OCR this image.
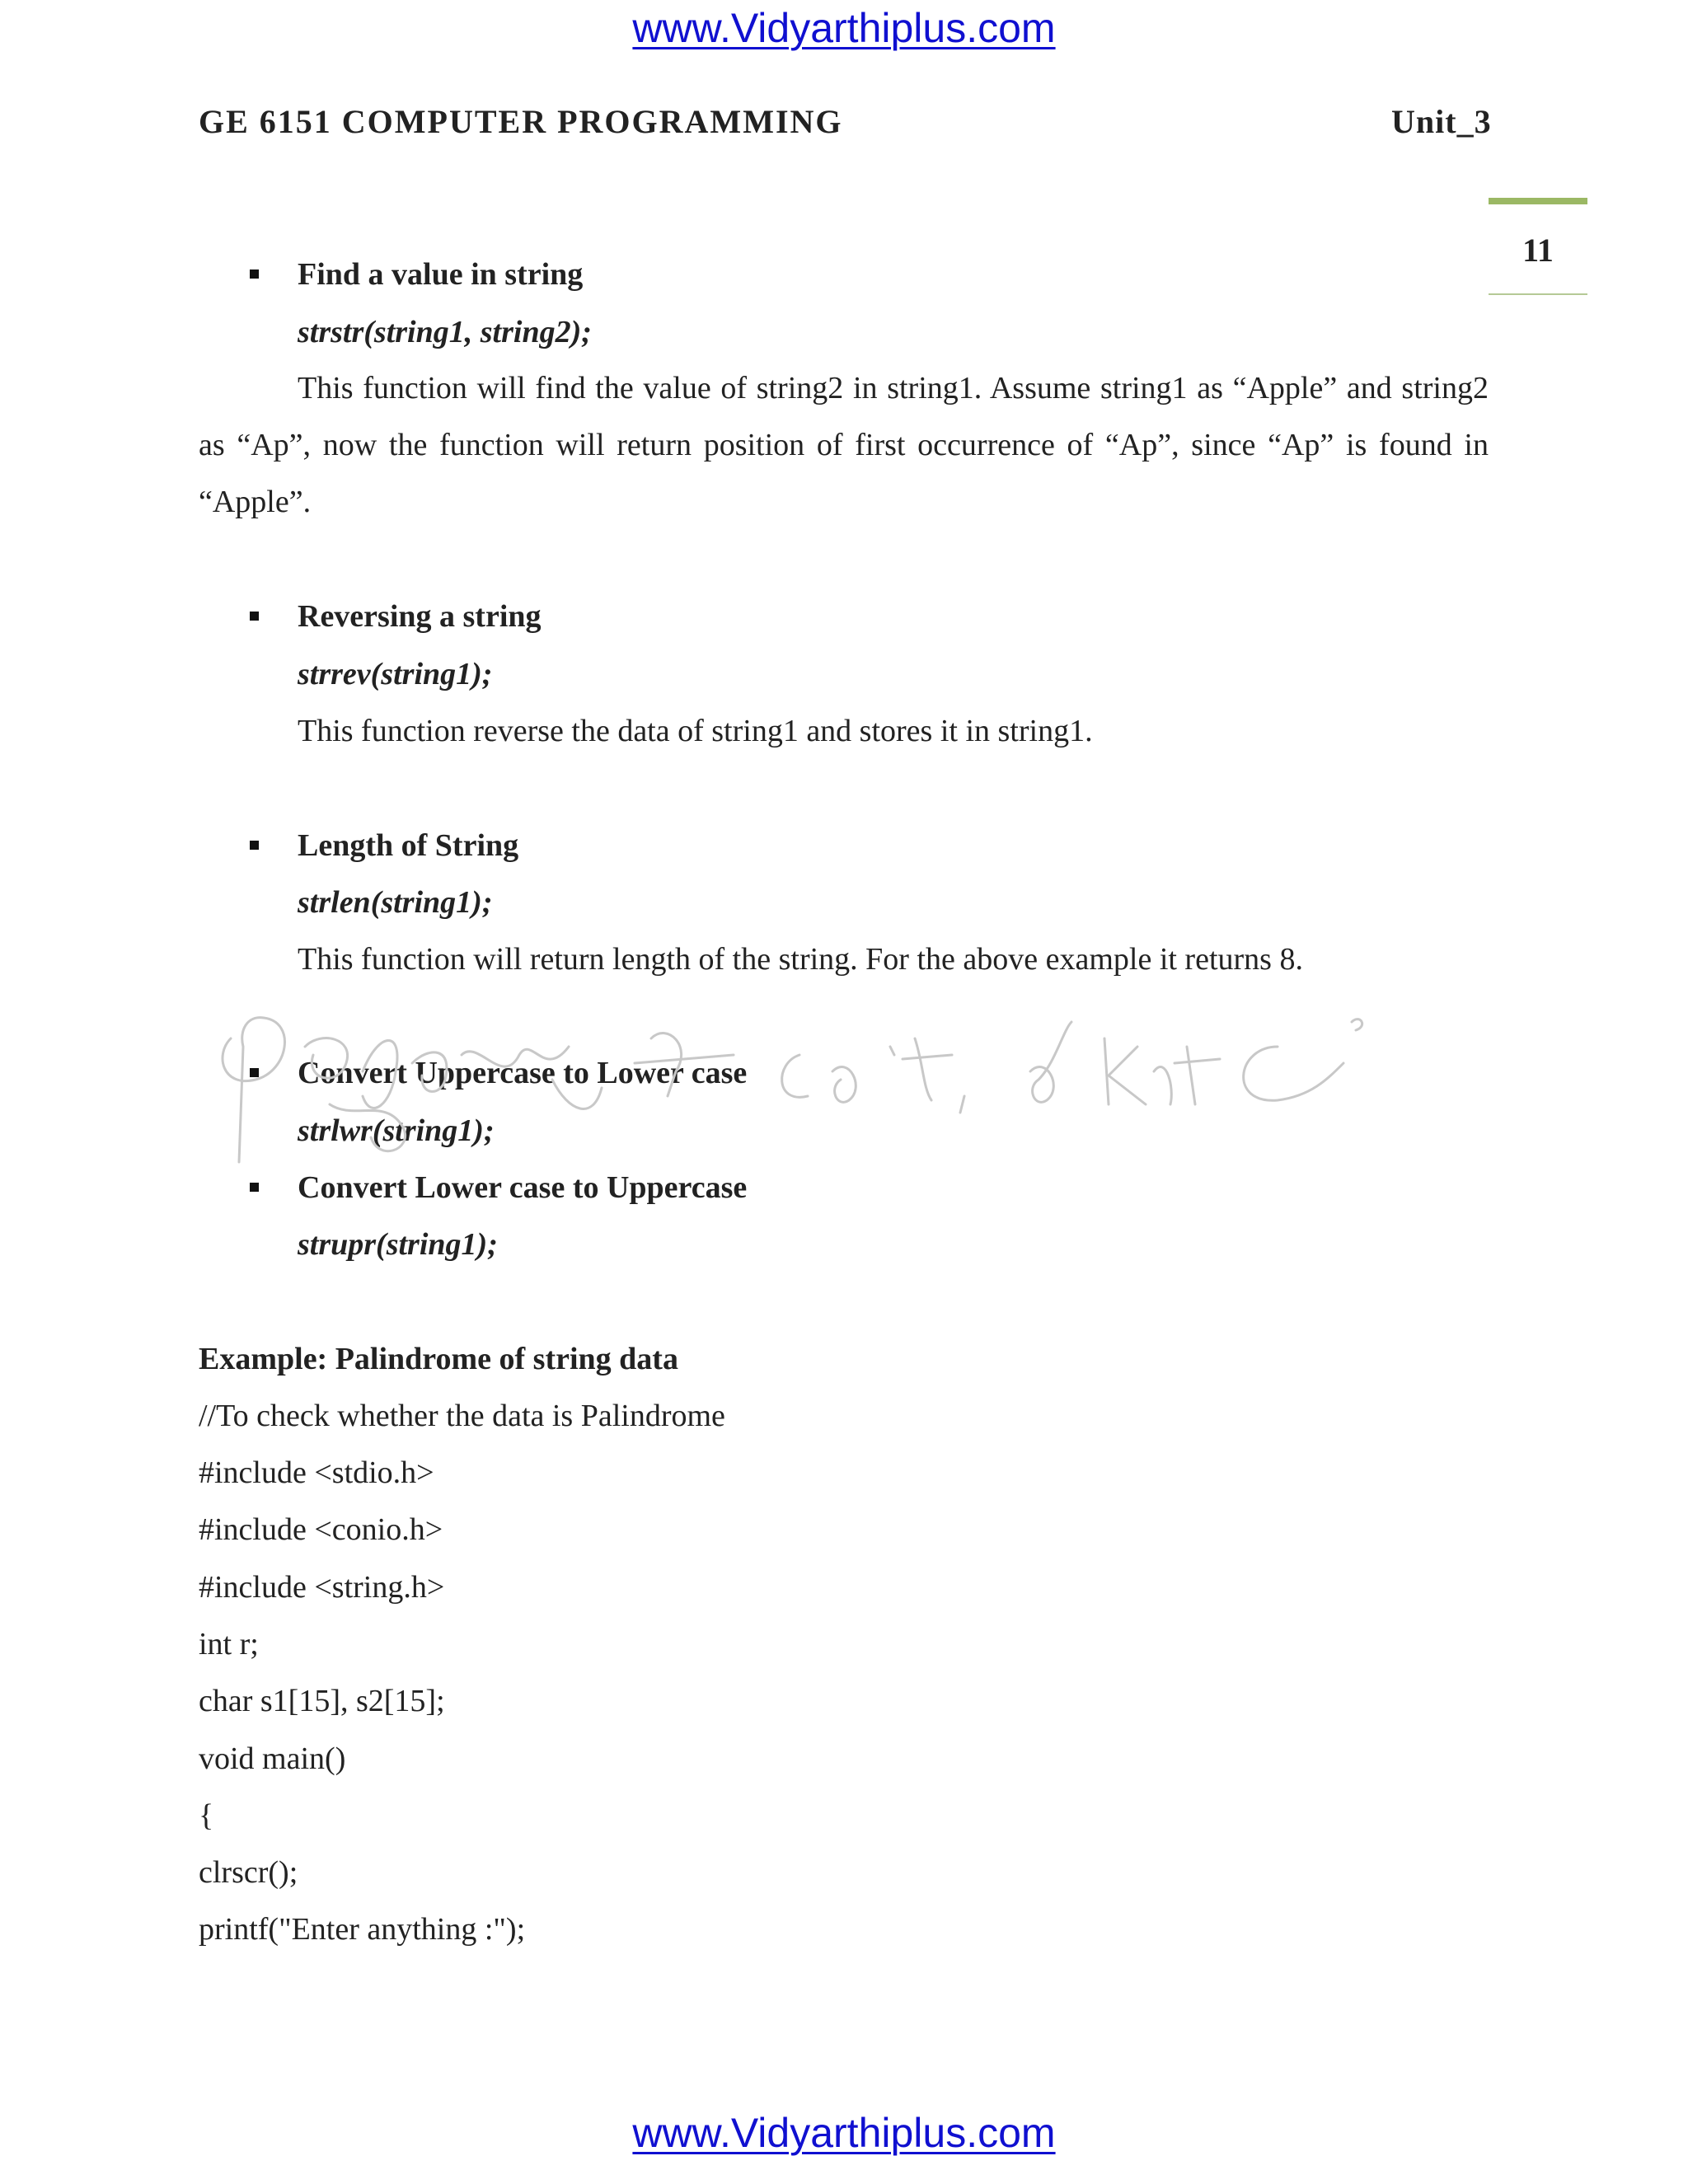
www.Vidyarthiplus.com
GE 6151 COMPUTER PROGRAMMING	Unit_3
11
Find a value in string
strstr(string1, string2);
This function will find the value of string2 in string1. Assume string1 as “Apple” and string2 as “Ap”, now the function will return position of first occurrence of “Ap”, since “Ap” is found in “Apple”.
Reversing a string
strrev(string1);
This function reverse the data of string1 and stores it in string1.
Length of String
strlen(string1);
This function will return length of the string. For the above example it returns 8.
Convert Uppercase to Lower case
strlwr(string1);
Convert Lower case to Uppercase
strupr(string1);
Example: Palindrome of string data
//To check whether the data is Palindrome
#include <stdio.h>
#include <conio.h>
#include <string.h>
int r;
char s1[15], s2[15];
void main()
{
clrscr();
printf("Enter anything :");
www.Vidyarthiplus.com
